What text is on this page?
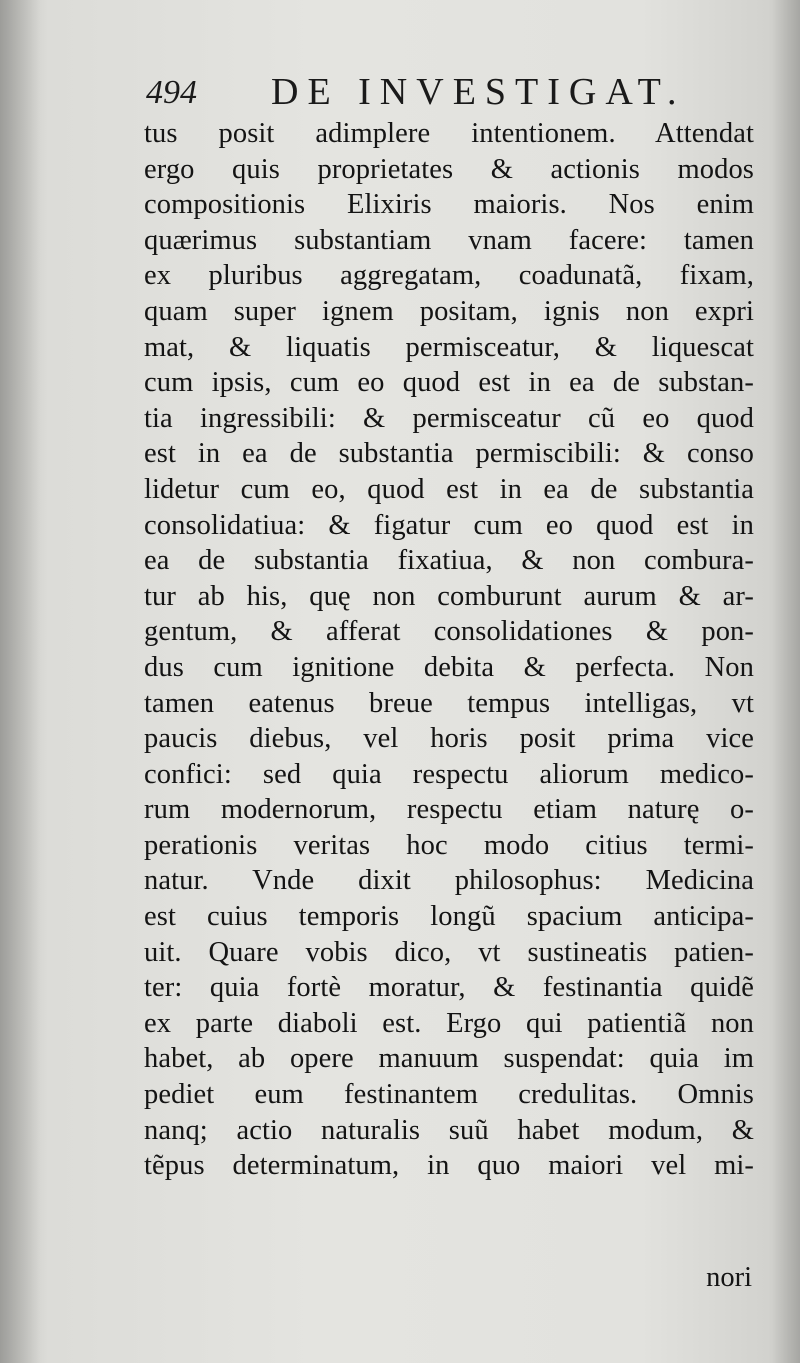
494 DE INVESTIGAT.
tus posit adimplere intentionem. Attendat
ergo quis proprietates & actionis modos
compositionis Elixiris maioris. Nos enim
quærimus substantiam vnam facere: tamen
ex pluribus aggregatam, coadunatã, fixam,
quam super ignem positam, ignis non expri
mat, & liquatis permisceatur, & liquescat
cum ipsis, cum eo quod est in ea de substan-
tia ingressibili: & permisceatur cũ eo quod
est in ea de substantia permiscibili: & conso
lidetur cum eo, quod est in ea de substantia
consolidatiua: & figatur cum eo quod est in
ea de substantia fixatiua, & non combura-
tur ab his, quę non comburunt aurum & ar-
gentum, & afferat consolidationes & pon-
dus cum ignitione debita & perfecta. Non
tamen eatenus breue tempus intelligas, vt
paucis diebus, vel horis posit prima vice
confici: sed quia respectu aliorum medico-
rum modernorum, respectu etiam naturę o-
perationis veritas hoc modo citius termi-
natur. Vnde dixit philosophus: Medicina
est cuius temporis longũ spacium anticipa-
uit. Quare vobis dico, vt sustineatis patien-
ter: quia fortè moratur, & festinantia quidẽ
ex parte diaboli est. Ergo qui patientiã non
habet, ab opere manuum suspendat: quia im
pediet eum festinantem credulitas. Omnis
nanq; actio naturalis suũ habet modum, &
tẽpus determinatum, in quo maiori vel mi-
nori
